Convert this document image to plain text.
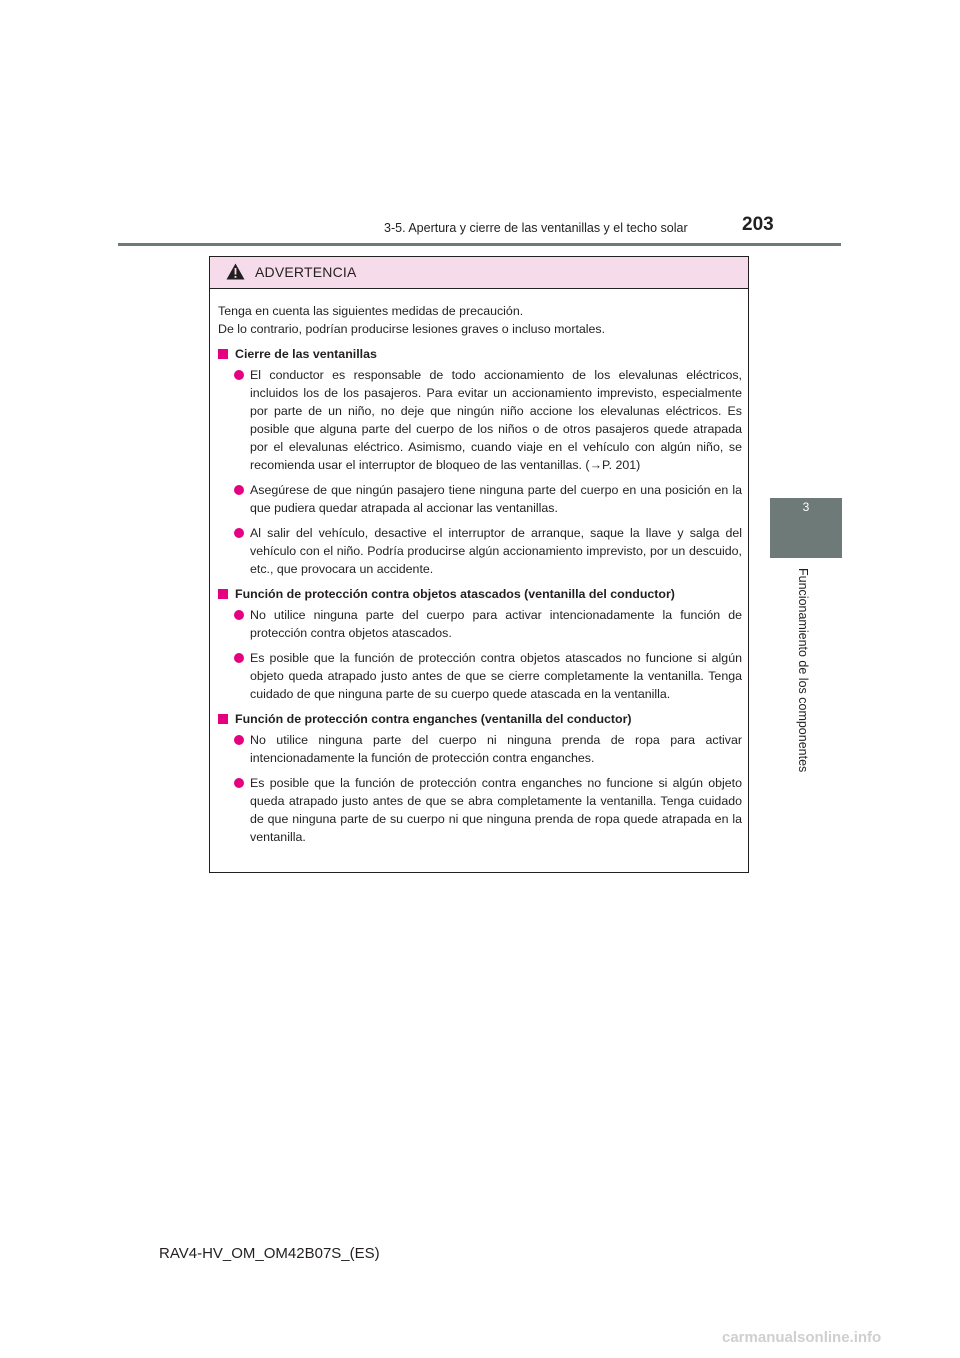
3-5. Apertura y cierre de las ventanillas y el techo solar	203
3
Funcionamiento de los componentes
ADVERTENCIA

Tenga en cuenta las siguientes medidas de precaución.

De lo contrario, podrían producirse lesiones graves o incluso mortales.

Cierre de las ventanillas
El conductor es responsable de todo accionamiento de los elevalunas eléctricos, incluidos los de los pasajeros. Para evitar un accionamiento imprevisto, especialmente por parte de un niño, no deje que ningún niño accione los elevalunas eléctricos. Es posible que alguna parte del cuerpo de los niños o de otros pasajeros quede atrapada por el elevalunas eléctrico. Asimismo, cuando viaje en el vehículo con algún niño, se recomienda usar el interruptor de bloqueo de las ventanillas. (→P. 201)
Asegúrese de que ningún pasajero tiene ninguna parte del cuerpo en una posición en la que pudiera quedar atrapada al accionar las ventanillas.
Al salir del vehículo, desactive el interruptor de arranque, saque la llave y salga del vehículo con el niño. Podría producirse algún accionamiento imprevisto, por un descuido, etc., que provocara un accidente.
Función de protección contra objetos atascados (ventanilla del conductor)
No utilice ninguna parte del cuerpo para activar intencionadamente la función de protección contra objetos atascados.
Es posible que la función de protección contra objetos atascados no funcione si algún objeto queda atrapado justo antes de que se cierre completamente la ventanilla. Tenga cuidado de que ninguna parte de su cuerpo quede atascada en la ventanilla.
Función de protección contra enganches (ventanilla del conductor)
No utilice ninguna parte del cuerpo ni ninguna prenda de ropa para activar intencionadamente la función de protección contra enganches.
Es posible que la función de protección contra enganches no funcione si algún objeto queda atrapado justo antes de que se abra completamente la ventanilla. Tenga cuidado de que ninguna parte de su cuerpo ni que ninguna prenda de ropa quede atrapada en la ventanilla.
RAV4-HV_OM_OM42B07S_(ES)
carmanualsonline.info
